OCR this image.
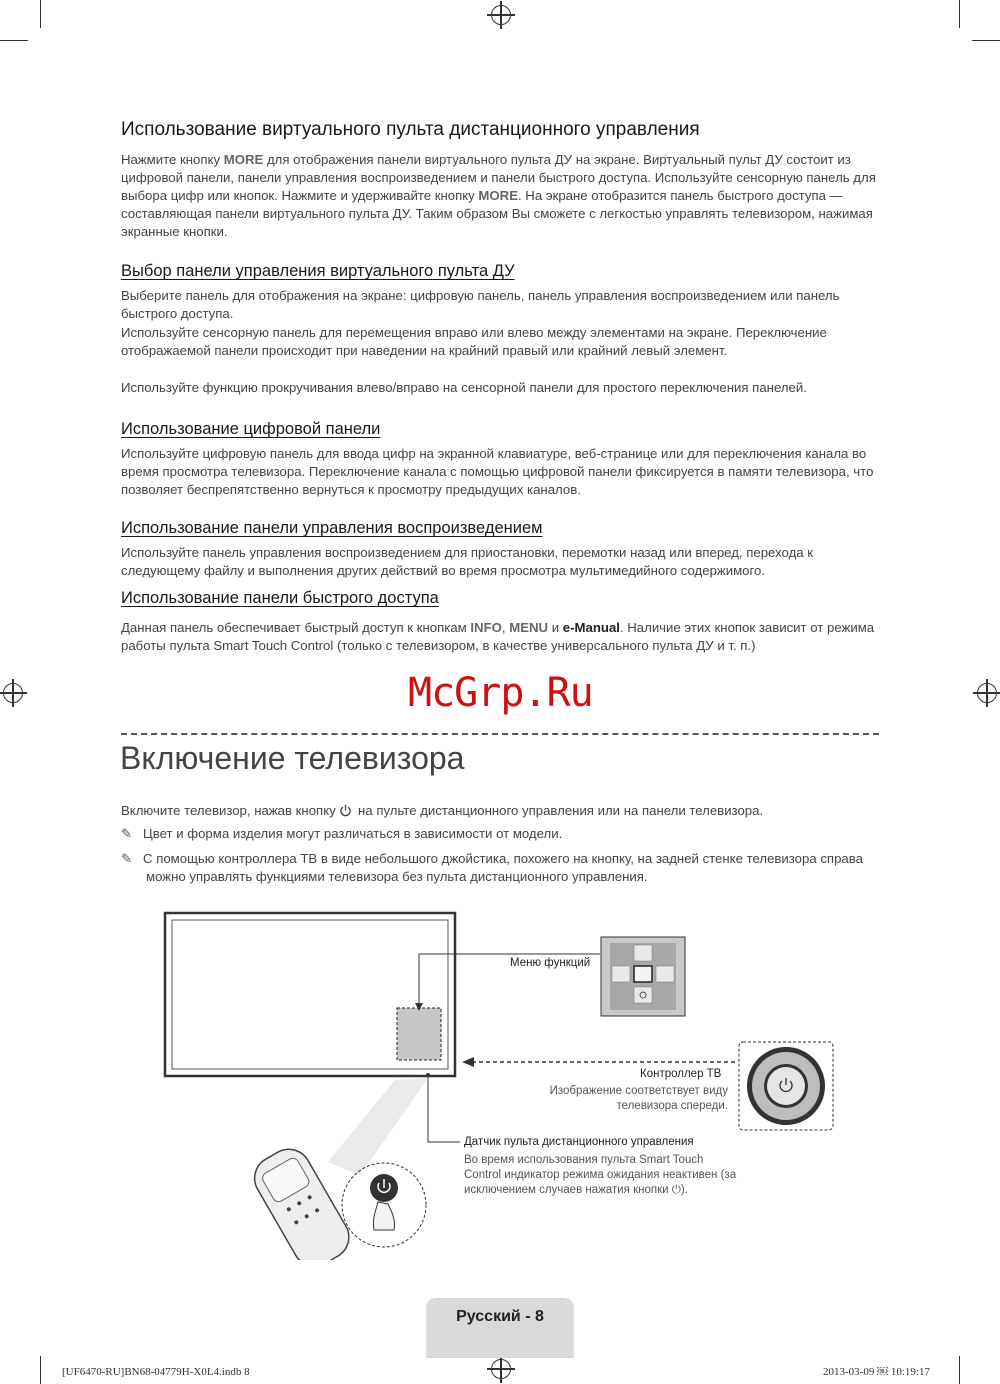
Использование виртуального пульта дистанционного управления

Нажмите кнопку MORE для отображения панели виртуального пульта ДУ на экране. Виртуальный пульт ДУ состоит из цифровой панели, панели управления воспроизведением и панели быстрого доступа. Используйте сенсорную панель для выбора цифр или кнопок. Нажмите и удерживайте кнопку MORE. На экране отобразится панель быстрого доступа — составляющая панели виртуального пульта ДУ. Таким образом Вы сможете с легкостью управлять телевизором, нажимая экранные кнопки.

Выбор панели управления виртуального пульта ДУ

Выберите панель для отображения на экране: цифровую панель, панель управления воспроизведением или панель быстрого доступа.

Используйте сенсорную панель для перемещения вправо или влево между элементами на экране. Переключение отображаемой панели происходит при наведении на крайний правый или крайний левый элемент.

Используйте функцию прокручивания влево/вправо на сенсорной панели для простого переключения панелей.

Использование цифровой панели

Используйте цифровую панель для ввода цифр на экранной клавиатуре, веб-странице или для переключения канала во время просмотра телевизора. Переключение канала с помощью цифровой панели фиксируется в памяти телевизора, что позволяет беспрепятственно вернуться к просмотру предыдущих каналов.

Использование панели управления воспроизведением

Используйте панель управления воспроизведением для приостановки, перемотки назад или вперед, перехода к следующему файлу и выполнения других действий во время просмотра мультимедийного содержимого.

Использование панели быстрого доступа

Данная панель обеспечивает быстрый доступ к кнопкам INFO, MENU и e-Manual. Наличие этих кнопок зависит от режима работы пульта Smart Touch Control (только с телевизором, в качестве универсального пульта ДУ и т. п.)

McGrp.Ru
Включение телевизора

Включите телевизор, нажав кнопку  на пульте дистанционного управления или на панели телевизора.

✎ Цвет и форма изделия могут различаться в зависимости от модели.

✎ С помощью контроллера ТВ в виде небольшого джойстика, похожего на кнопку, на задней стенке телевизора справа можно управлять функциями телевизора без пульта дистанционного управления.

Меню функций
Контроллер ТВ
Изображение соответствует виду телевизора спереди.
Датчик пульта дистанционного управления
Во время использования пульта Smart Touch Control индикатор режима ожидания неактивен (за исключением случаев нажатия кнопки ⏻).
Русский - 8
[UF6470-RU]BN68-04779H-X0L4.indb 8	2013-03-09 ￼ 10:19:17
